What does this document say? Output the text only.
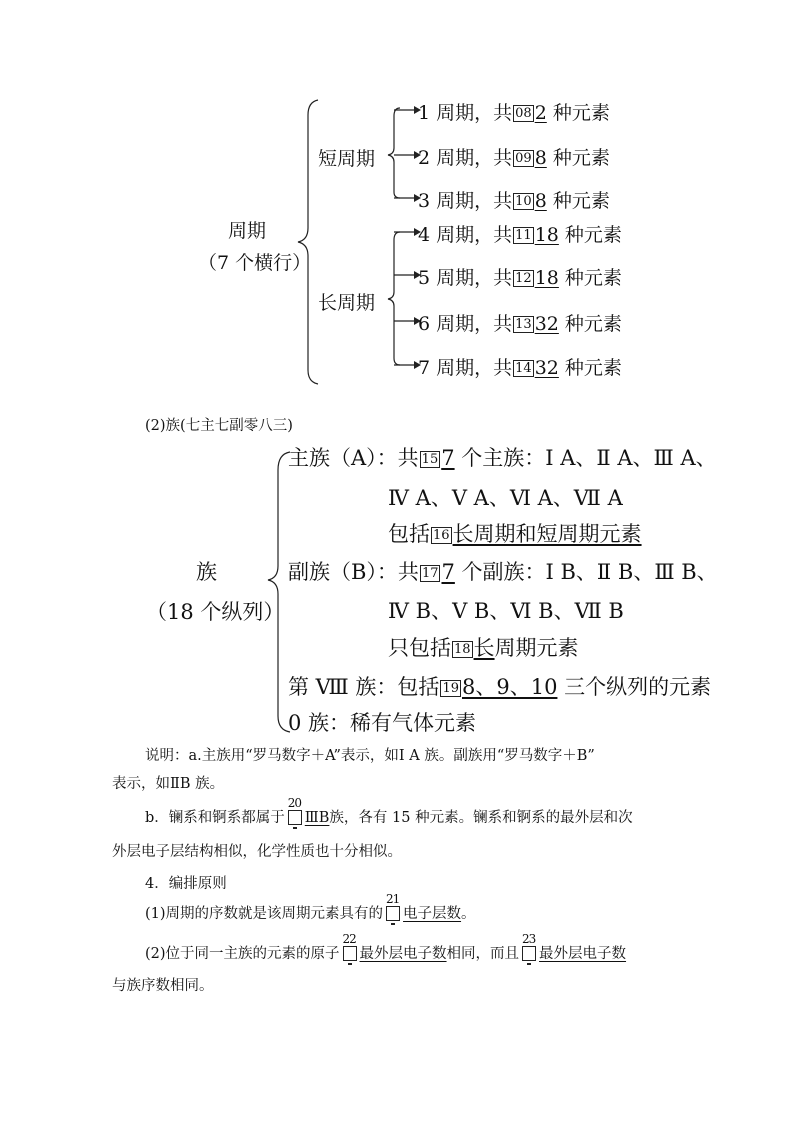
周期
（7 个横行）
短周期
长周期
1 周期，共 08 2 种元素
2 周期，共 09 8 种元素
3 周期，共 10 8 种元素
4 周期，共 11 18 种元素
5 周期，共 12 18 种元素
6 周期，共 13 32 种元素
7 周期，共 14 32 种元素
(2)族(七主七副零八三)
族
（18 个纵列）
主族（A）：共 15 7 个主族：Ⅰ A、Ⅱ A、Ⅲ A、
Ⅳ A、Ⅴ A、Ⅵ A、Ⅶ A
包括 16 长周期和短周期元素
副族（B）：共 17 7 个副族：Ⅰ B、Ⅱ B、Ⅲ B、
Ⅳ B、Ⅴ B、Ⅵ B、Ⅶ B
只包括 18 长周期元素
第 Ⅷ 族：包括 19 8、9、10 三个纵列的元素
0 族：稀有气体元素
说明：a.主族用“罗马数字＋A”表示，如Ⅰ A 族。副族用“罗马数字＋B”
表示，如ⅡB 族。
b．镧系和锕系都属于
20
ⅢB族，各有 15 种元素。镧系和锕系的最外层和次
外层电子层结构相似，化学性质也十分相似。
4．编排原则
(1)周期的序数就是该周期元素具有的
21
电子层数。
(2)位于同一主族的元素的原子
22
最外层电子数相同，而且
23
最外层电子数
与族序数相同。
